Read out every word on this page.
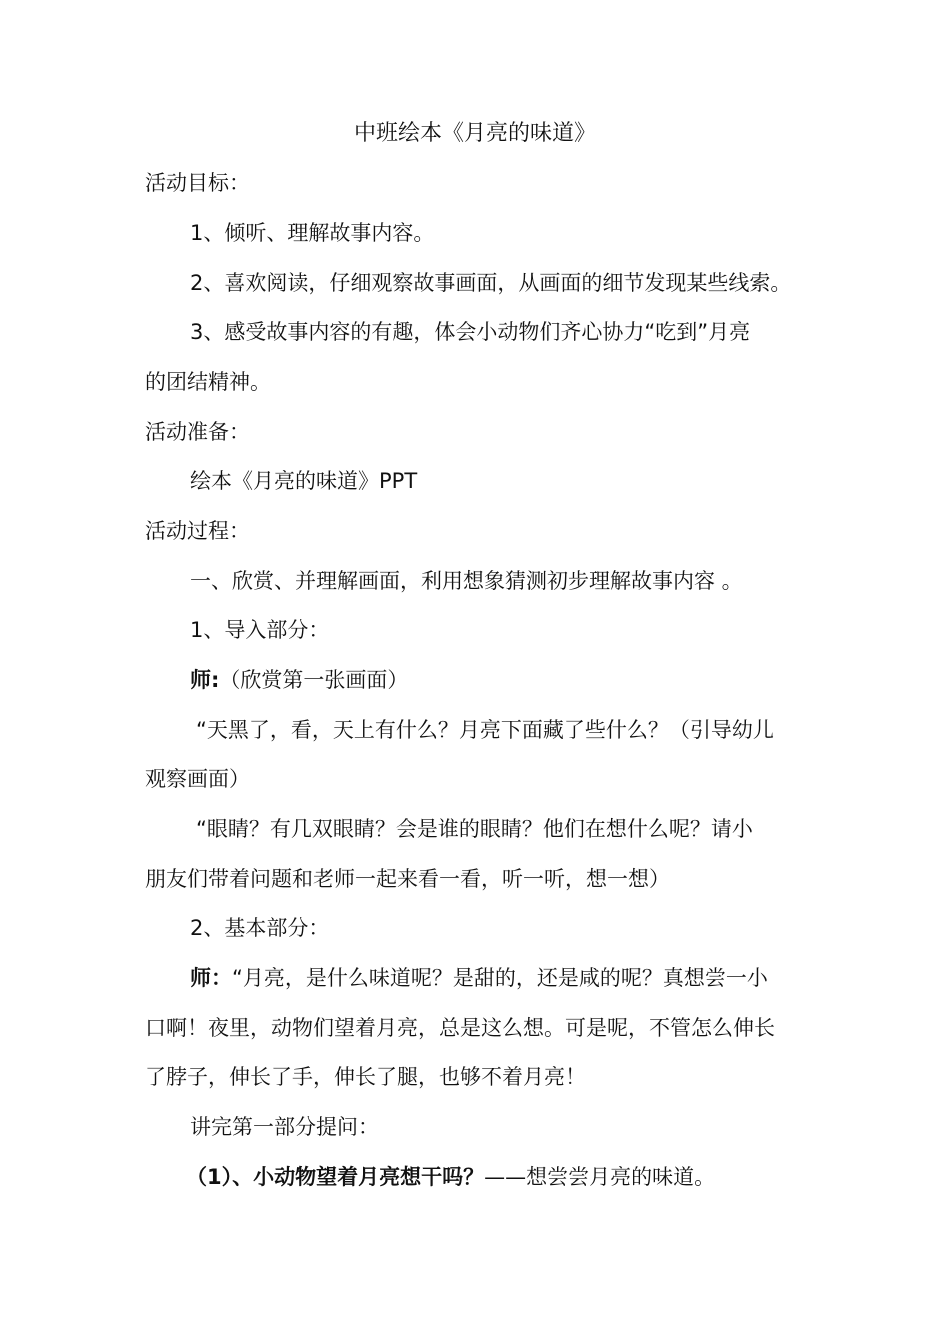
中班绘本《月亮的味道》
活动目标：
1、倾听、理解故事内容。
2、喜欢阅读，仔细观察故事画面，从画面的细节发现某些线索。
3、感受故事内容的有趣，体会小动物们齐心协力“吃到”月亮
的团结精神。
活动准备：
绘本《月亮的味道》PPT
活动过程：
一、欣赏、并理解画面，利用想象猜测初步理解故事内容 。
1、导入部分：
师:（欣赏第一张画面）
“天黑了，看，天上有什么？月亮下面藏了些什么？（引导幼儿
观察画面）
“眼睛？有几双眼睛？会是谁的眼睛？他们在想什么呢？请小
朋友们带着问题和老师一起来看一看，听一听，想一想）
2、基本部分：
师：“月亮，是什么味道呢？是甜的，还是咸的呢？真想尝一小
口啊！夜里，动物们望着月亮，总是这么想。可是呢，不管怎么伸长
了脖子，伸长了手，伸长了腿，也够不着月亮！
讲完第一部分提问：
（1）、小动物望着月亮想干吗？——想尝尝月亮的味道。
